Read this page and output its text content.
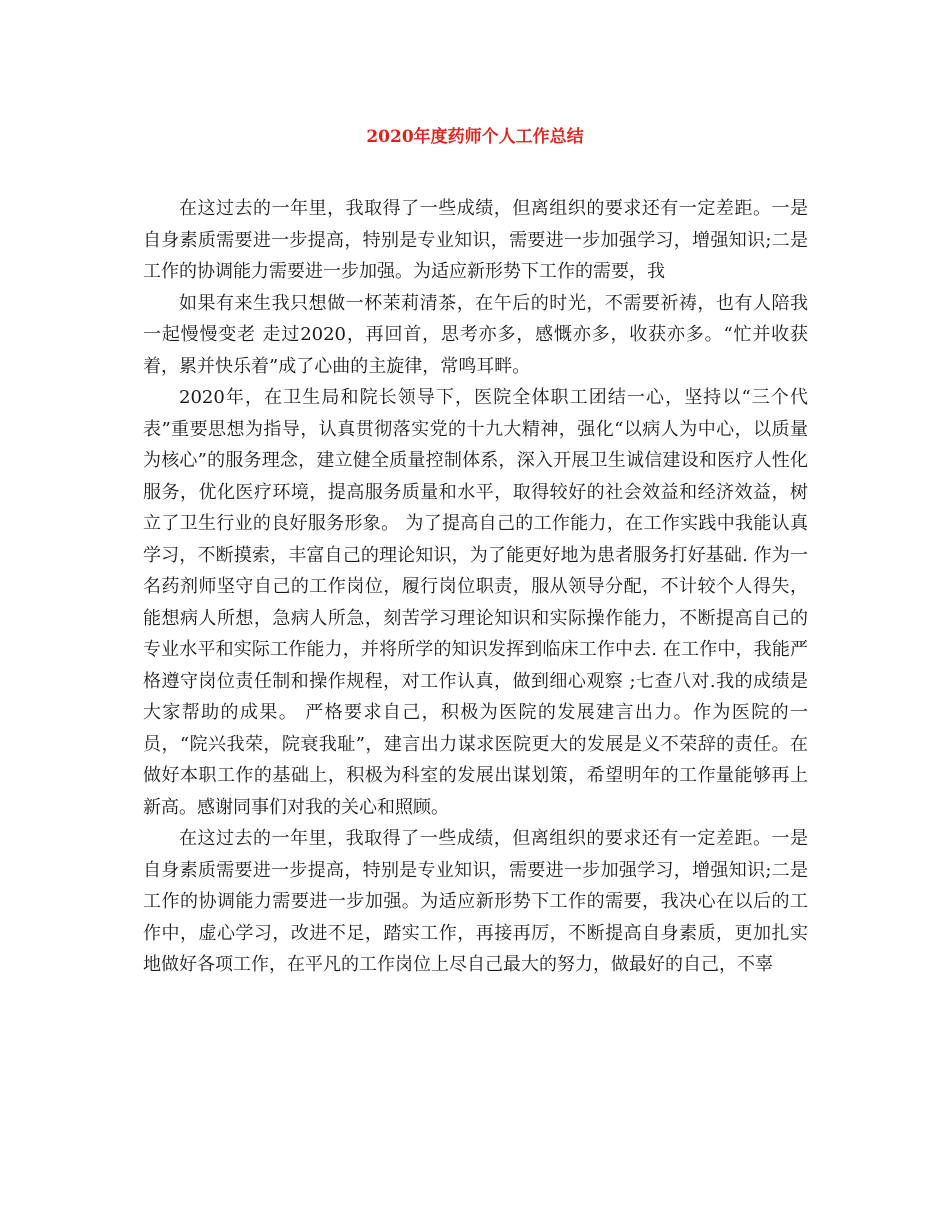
2020年度药师个人工作总结

在这过去的一年里，我取得了一些成绩，但离组织的要求还有一定差距。一是自身素质需要进一步提高，特别是专业知识，需要进一步加强学习，增强知识;二是工作的协调能力需要进一步加强。为适应新形势下工作的需要，我

如果有来生我只想做一杯茉莉清茶，在午后的时光，不需要祈祷，也有人陪我一起慢慢变老 走过2020，再回首，思考亦多，感慨亦多，收获亦多。“忙并收获着，累并快乐着”成了心曲的主旋律，常鸣耳畔。

2020年，在卫生局和院长领导下，医院全体职工团结一心，坚持以“三个代表”重要思想为指导，认真贯彻落实党的十九大精神，强化“以病人为中心，以质量为核心”的服务理念，建立健全质量控制体系，深入开展卫生诚信建设和医疗人性化服务，优化医疗环境，提高服务质量和水平，取得较好的社会效益和经济效益，树立了卫生行业的良好服务形象。 为了提高自己的工作能力，在工作实践中我能认真学习，不断摸索，丰富自己的理论知识，为了能更好地为患者服务打好基础. 作为一名药剂师坚守自己的工作岗位，履行岗位职责，服从领导分配，不计较个人得失，能想病人所想，急病人所急，刻苦学习理论知识和实际操作能力，不断提高自己的专业水平和实际工作能力，并将所学的知识发挥到临床工作中去. 在工作中，我能严格遵守岗位责任制和操作规程，对工作认真，做到细心观察 ;七查八对.我的成绩是大家帮助的成果。 严格要求自己，积极为医院的发展建言出力。作为医院的一员，“院兴我荣，院衰我耻”，建言出力谋求医院更大的发展是义不荣辞的责任。在做好本职工作的基础上，积极为科室的发展出谋划策，希望明年的工作量能够再上新高。感谢同事们对我的关心和照顾。

在这过去的一年里，我取得了一些成绩，但离组织的要求还有一定差距。一是自身素质需要进一步提高，特别是专业知识，需要进一步加强学习，增强知识;二是工作的协调能力需要进一步加强。为适应新形势下工作的需要，我决心在以后的工作中，虚心学习，改进不足，踏实工作，再接再厉，不断提高自身素质，更加扎实地做好各项工作，在平凡的工作岗位上尽自己最大的努力，做最好的自己，不辜
